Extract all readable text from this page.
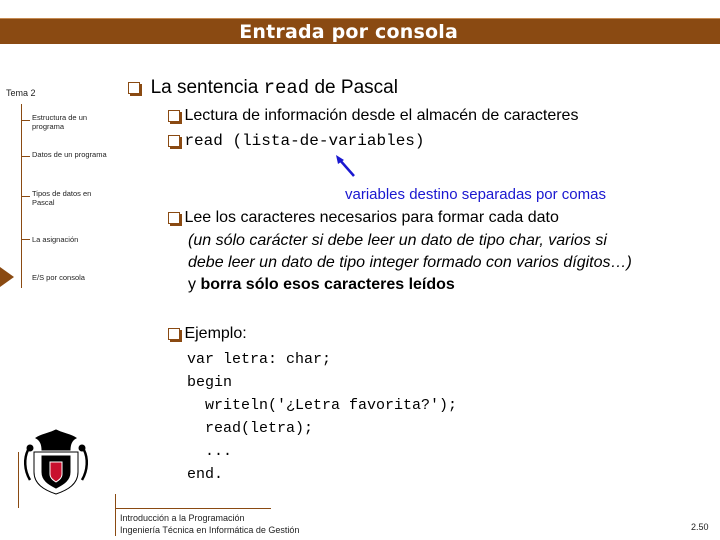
Entrada por consola
Tema 2
Estructura de un programa
Datos de un programa
Tipos de datos en Pascal
La asignación
E/S por consola
La sentencia read de Pascal
Lectura de información desde el almacén de caracteres
read (lista-de-variables)
variables destino separadas por comas
Lee los caracteres necesarios para formar cada dato
(un sólo carácter si debe leer un dato de tipo char, varios si
debe leer un dato de tipo integer formado con varios dígitos…)
y borra sólo esos caracteres leídos
Ejemplo:
var letra: char;
begin
writeln('¿Letra favorita?');
read(letra);
...
end.
Introducción a la Programación
Ingeniería Técnica en Informática de Gestión	2.50
